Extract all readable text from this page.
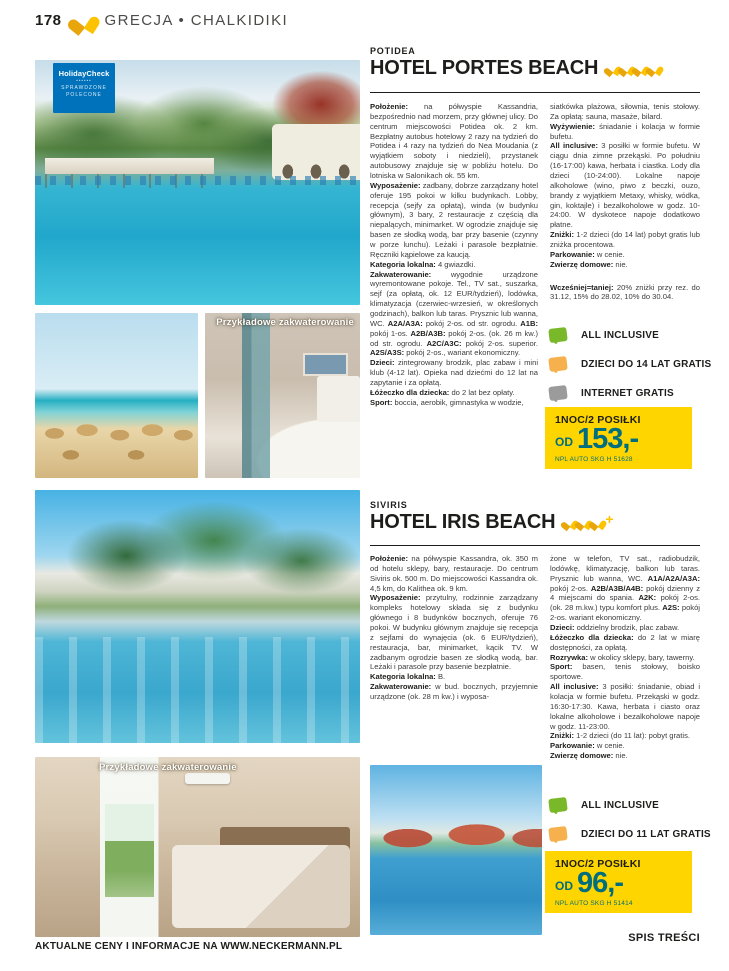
178	GRECJA • CHALKIDIKI
HolidayCheck
••••••
SPRAWDZONE
POLECONE
Przykładowe zakwaterowanie
POTIDEA
HOTEL PORTES BEACH

Położenie: na półwyspie Kassandria, bezpośrednio nad morzem, przy głównej ulicy. Do centrum miejscowości Potidea ok. 2 km. Bezpłatny autobus hotelowy 2 razy na tydzień do Potidea i 4 razy na tydzień do Nea Moudania (z wyjątkiem soboty i niedzieli), przystanek autobusowy znajduje się w pobliżu hotelu. Do lotniska w Salonikach ok. 55 km.

Wyposażenie: zadbany, dobrze zarządzany hotel oferuje 195 pokoi w kilku budynkach. Lobby, recepcja (sejfy za opłatą), winda (w budynku głównym), 3 bary, 2 restauracje z częścią dla niepalących, minimarket. W ogrodzie znajduje się basen ze słodką wodą, bar przy basenie (czynny w porze lunchu). Leżaki i parasole bezpłatnie. Ręczniki kąpielowe za kaucją.

Kategoria lokalna: 4 gwiazdki.

Zakwaterowanie: wygodnie urządzone wyremontowane pokoje. Tel., TV sat., suszarka, sejf (za opłatą, ok. 12 EUR/tydzień), lodówka, klimatyzacja (czerwiec-wrzesień, w określonych godzinach), balkon lub taras. Prysznic lub wanna, WC. A2A/A3A: pokój 2-os. od str. ogrodu. A1B: pokój 1-os. A2B/A3B: pokój 2-os. (ok. 26 m kw.) od str. ogrodu. A2C/A3C: pokój 2-os. superior. A2S/A3S: pokój 2-os., wariant ekonomiczny.

Dzieci: zintegrowany brodzik, plac zabaw i mini klub (4-12 lat). Opieka nad dziećmi do 12 lat na zapytanie i za opłatą.

Łóżeczko dla dziecka: do 2 lat bez opłaty.

Sport: boccia, aerobik, gimnastyka w wodzie,

siatkówka plażowa, siłownia, tenis stołowy. Za opłatą: sauna, masaże, bilard.

Wyżywienie: śniadanie i kolacja w formie bufetu.

All inclusive: 3 posiłki w formie bufetu. W ciągu dnia zimne przekąski. Po południu (16-17:00) kawa, herbata i ciastka. Lody dla dzieci (10-24:00). Lokalne napoje alkoholowe (wino, piwo z beczki, ouzo, brandy z wyjątkiem Metaxy, whisky, wódka, gin, koktajle) i bezalkoholowe w godz. 10-24:00. W dyskotece napoje dodatkowo płatne.

Zniżki: 1-2 dzieci (do 14 lat) pobyt gratis lub zniżka procentowa.

Parkowanie: w cenie.

Zwierzę domowe: nie.

Wcześniej=taniej: 20% zniżki przy rez. do 31.12, 15% do 28.02, 10% do 30.04.

ALL INCLUSIVE
DZIECI DO 14 LAT GRATIS
INTERNET GRATIS
1NOC/2 POSIŁKI
OD 153,-
NPL AUTO SKG H 51628
Przykładowe zakwaterowanie
SIVIRIS
HOTEL IRIS BEACH	+

Położenie: na półwyspie Kassandra, ok. 350 m od hotelu sklepy, bary, restauracje. Do centrum Siviris ok. 500 m. Do miejscowości Kassandra ok. 4,5 km, do Kalithea ok. 9 km.

Wyposażenie: przytulny, rodzinnie zarządzany kompleks hotelowy składa się z budynku głównego i 8 budynków bocznych, oferuje 76 pokoi. W budynku głównym znajduje się recepcja z sejfami do wynajęcia (ok. 6 EUR/tydzień), restauracja, bar, minimarket, kącik TV. W zadbanym ogrodzie basen ze słodką wodą, bar. Leżaki i parasole przy basenie bezpłatnie.

Kategoria lokalna: B.

Zakwaterowanie: w bud. bocznych, przyjemnie urządzone (ok. 28 m kw.) i wyposa-

żone w telefon, TV sat., radiobudzik, lodówkę, klimatyzację, balkon lub taras. Prysznic lub wanna, WC. A1A/A2A/A3A: pokój 2-os. A2B/A3B/A4B: pokój dzienny z 4 miejscami do spania. A2K: pokój 2-os. (ok. 28 m.kw.) typu komfort plus. A2S: pokój 2-os. wariant ekonomiczny.

Dzieci: oddzielny brodzik, plac zabaw.

Łóżeczko dla dziecka: do 2 lat w miarę dostępności, za opłatą.

Rozrywka: w okolicy sklepy, bary, tawerny.

Sport: basen, tenis stołowy, boisko sportowe.

All inclusive: 3 posiłki: śniadanie, obiad i kolacja w formie bufetu. Przekąski w godz. 16:30-17:30. Kawa, herbata i ciasto oraz lokalne alkoholowe i bezalkoholowe napoje w godz. 11-23:00.

Zniżki: 1-2 dzieci (do 11 lat): pobyt gratis.

Parkowanie: w cenie.

Zwierzę domowe: nie.

ALL INCLUSIVE
DZIECI DO 11 LAT GRATIS
1NOC/2 POSIŁKI
OD 96,-
NPL AUTO SKG H 51414
AKTUALNE CENY I INFORMACJE NA WWW.NECKERMANN.PL
SPIS TREŚCI
